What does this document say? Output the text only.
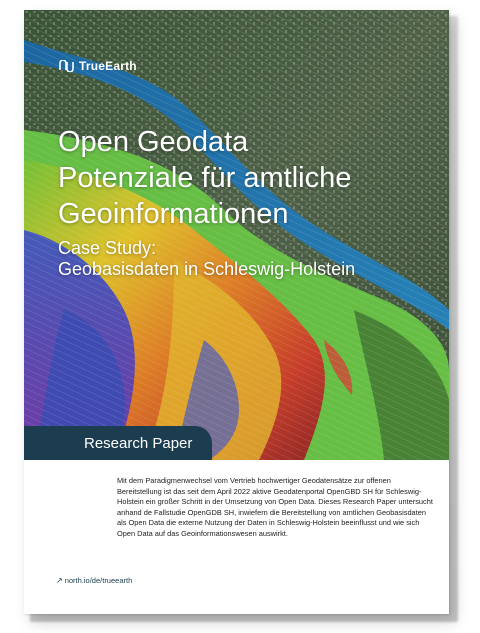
TrueEarth
Open Geodata
Potenziale für amtliche
Geoinformationen
Case Study:
Geobasisdaten in Schleswig-Holstein
Research Paper

Mit dem Paradigmenwechsel vom Vertrieb hochwertiger Geodatensätze zur offenen Bereitstellung ist das seit dem April 2022 aktive Geodatenportal OpenGBD SH für Schleswig-Holstein ein großer Schritt in der Umsetzung von Open Data. Dieses Research Paper untersucht anhand de Fallstudie OpenGDB SH, inwiefern die Bereitstellung von amtlichen Geobasisdaten als Open Data die externe Nutzung der Daten in Schleswig-Holstein beeinflusst und wie sich Open Data auf das Geoinformationswesen auswirkt.

↗ north.io/de/trueearth
